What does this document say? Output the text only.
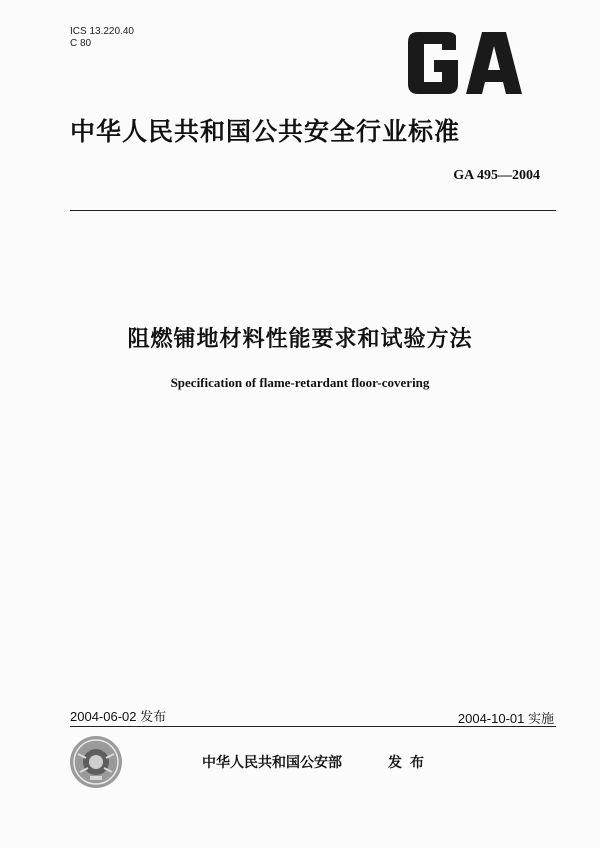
ICS 13.220.40
C 80
中华人民共和国公共安全行业标准
GA 495—2004
阻燃铺地材料性能要求和试验方法
Specification of flame-retardant floor-covering
2004-06-02 发布	2004-10-01 实施
中华人民共和国公安部	发布
